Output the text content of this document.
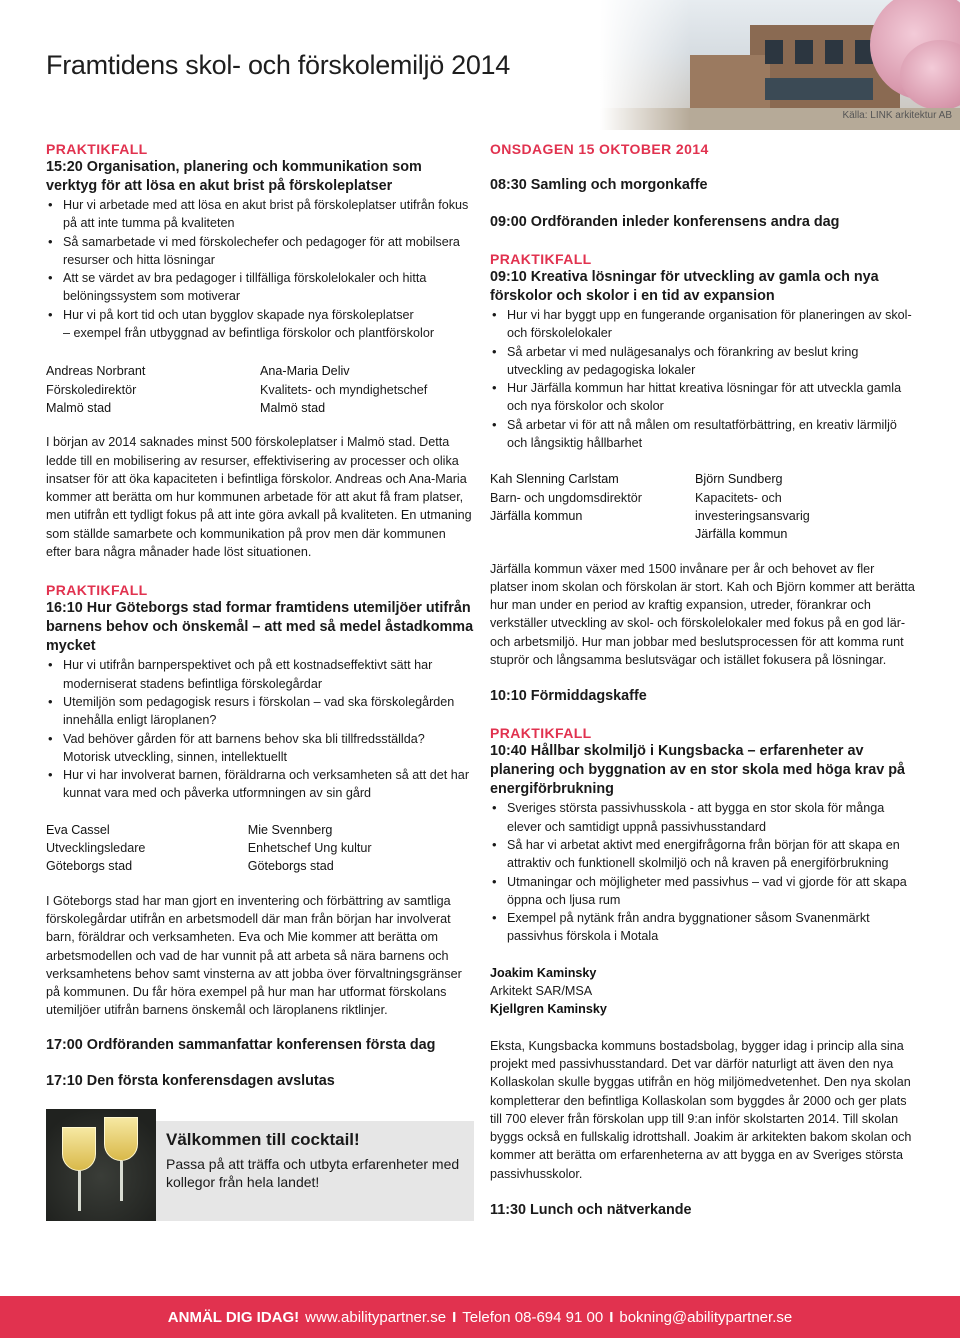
Källa: LINK arkitektur AB
Framtidens skol- och förskolemiljö 2014
PRAKTIKFALL
15:20 Organisation, planering och kommunikation som verktyg för att lösa en akut brist på förskoleplatser
• Hur vi arbetade med att lösa en akut brist på förskoleplatser utifrån fokus på att inte tumma på kvaliteten
• Så samarbetade vi med förskolechefer och pedagoger för att mobilsera resurser och hitta lösningar
• Att se värdet av bra pedagoger i tillfälliga förskolelokaler och hitta belöningssystem som motiverar
• Hur vi på kort tid och utan bygglov skapade nya förskoleplatser
– exempel från utbyggnad av befintliga förskolor och plantförskolor
Andreas Norbrant
Förskoledirektör
Malmö stad
Ana-Maria Deliv
Kvalitets- och myndighetschef
Malmö stad
I början av 2014 saknades minst 500 förskoleplatser i Malmö stad. Detta ledde till en mobilisering av resurser, effektivisering av processer och olika insatser för att öka kapaciteten i befintliga förskolor. Andreas och Ana-Maria kommer att berätta om hur kommunen arbetade för att akut få fram platser, men utifrån ett tydligt fokus på att inte göra avkall på kvaliteten. En utmaning som ställde samarbete och kommunikation på prov men där kommunen efter bara några månader hade löst situationen.
PRAKTIKFALL
16:10 Hur Göteborgs stad formar framtidens utemiljöer utifrån barnens behov och önskemål – att med så medel åstadkomma mycket
• Hur vi utifrån barnperspektivet och på ett kostnadseffektivt sätt har moderniserat stadens befintliga förskolegårdar
• Utemiljön som pedagogisk resurs i förskolan – vad ska förskolegården innehålla enligt läroplanen?
• Vad behöver gården för att barnens behov ska bli tillfredsställda? Motorisk utveckling, sinnen, intellektuellt
• Hur vi har involverat barnen, föräldrarna och verksamheten så att det har kunnat vara med och påverka utformningen av sin gård
Eva Cassel
Utvecklingsledare
Göteborgs stad
Mie Svennberg
Enhetschef Ung kultur
Göteborgs stad
I Göteborgs stad har man gjort en inventering och förbättring av samtliga förskolegårdar utifrån en arbetsmodell där man från början har involverat barn, föräldrar och verksamheten. Eva och Mie kommer att berätta om arbetsmodellen och vad de har vunnit på att arbeta så nära barnens och verksamhetens behov samt vinsterna av att jobba över förvaltningsgränser på kommunen. Du får höra exempel på hur man har utformat förskolans utemiljöer utifrån barnens önskemål och läroplanens riktlinjer.
17:00 Ordföranden sammanfattar konferensen första dag
17:10 Den första konferensdagen avslutas
Välkommen till cocktail!
Passa på att träffa och utbyta erfarenheter med kollegor från hela landet!
ONSDAGEN 15 OKTOBER 2014
08:30 Samling och morgonkaffe
09:00 Ordföranden inleder konferensens andra dag
PRAKTIKFALL
09:10 Kreativa lösningar för utveckling av gamla och nya förskolor och skolor i en tid av expansion
• Hur vi har byggt upp en fungerande organisation för planeringen av skol- och förskolelokaler
• Så arbetar vi med nulägesanalys och förankring av beslut kring utveckling av pedagogiska lokaler
• Hur Järfälla kommun har hittat kreativa lösningar för att utveckla gamla och nya förskolor och skolor
• Så arbetar vi för att nå målen om resultatförbättring, en kreativ lärmiljö och långsiktig hållbarhet
Kah Slenning Carlstam
Barn- och ungdomsdirektör
Järfälla kommun
Björn Sundberg
Kapacitets- och investeringsansvarig
Järfälla kommun
Järfälla kommun växer med 1500 invånare per år och behovet av fler platser inom skolan och förskolan är stort. Kah och Björn kommer att berätta hur man under en period av kraftig expansion, utreder, förankrar och verkställer utveckling av skol- och förskolelokaler med fokus på en god lär- och arbetsmiljö. Hur man jobbar med beslutsprocessen för att komma runt stuprör och långsamma beslutsvägar och istället fokusera på lösningar.
10:10 Förmiddagskaffe
PRAKTIKFALL
10:40 Hållbar skolmiljö i Kungsbacka – erfarenheter av planering och byggnation av en stor skola med höga krav på energiförbrukning
• Sveriges största passivhusskola - att bygga en stor skola för många elever och samtidigt uppnå passivhusstandard
• Så har vi arbetat aktivt med energifrågorna från början för att skapa en attraktiv och funktionell skolmiljö och nå kraven på energiförbrukning
• Utmaningar och möjligheter med passivhus – vad vi gjorde för att skapa öppna och ljusa rum
• Exempel på nytänk från andra byggnationer såsom Svanenmärkt passivhus förskola i Motala
Joakim Kaminsky
Arkitekt SAR/MSA
Kjellgren Kaminsky
Eksta, Kungsbacka kommuns bostadsbolag, bygger idag i princip alla sina projekt med passivhusstandard. Det var därför naturligt att även den nya Kollaskolan skulle byggas utifrån en hög miljömedvetenhet. Den nya skolan kompletterar den befintliga Kollaskolan som byggdes år 2000 och ger plats till 700 elever från förskolan upp till 9:an inför skolstarten 2014. Till skolan byggs också en fullskalig idrottshall. Joakim är arkitekten bakom skolan och kommer att berätta om erfarenheterna av att bygga en av Sveriges största passivhusskolor.
11:30 Lunch och nätverkande
ANMÄL DIG IDAG! www.abilitypartner.se I Telefon 08-694 91 00 I bokning@abilitypartner.se
